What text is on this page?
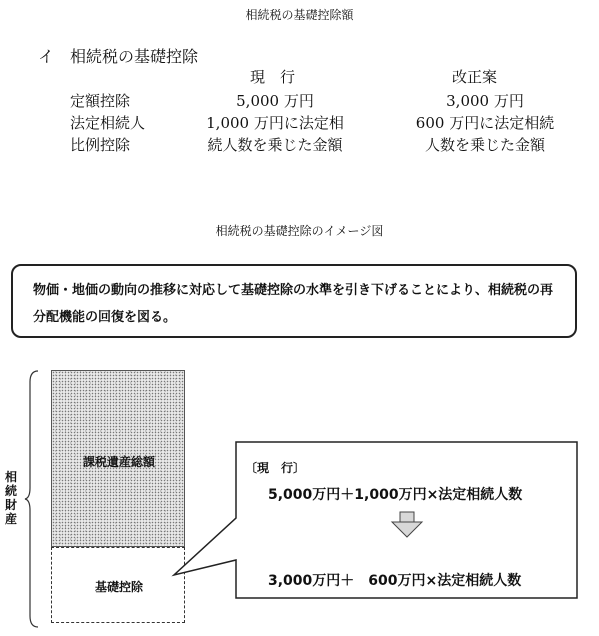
相続税の基礎控除額
イ　相続税の基礎控除
現　行	改正案
定額控除	5,000 万円	3,000 万円
法定相続人	1,000 万円に法定相	600 万円に法定相続
比例控除	続人数を乗じた金額	人数を乗じた金額
相続税の基礎控除のイメージ図
物価・地価の動向の推移に対応して基礎控除の水準を引き下げることにより、相続税の再分配機能の回復を図る。
相続財産
課税遺産総額
基礎控除
〔現　行〕
5,000万円＋1,000万円×法定相続人数
3,000万円＋　600万円×法定相続人数
